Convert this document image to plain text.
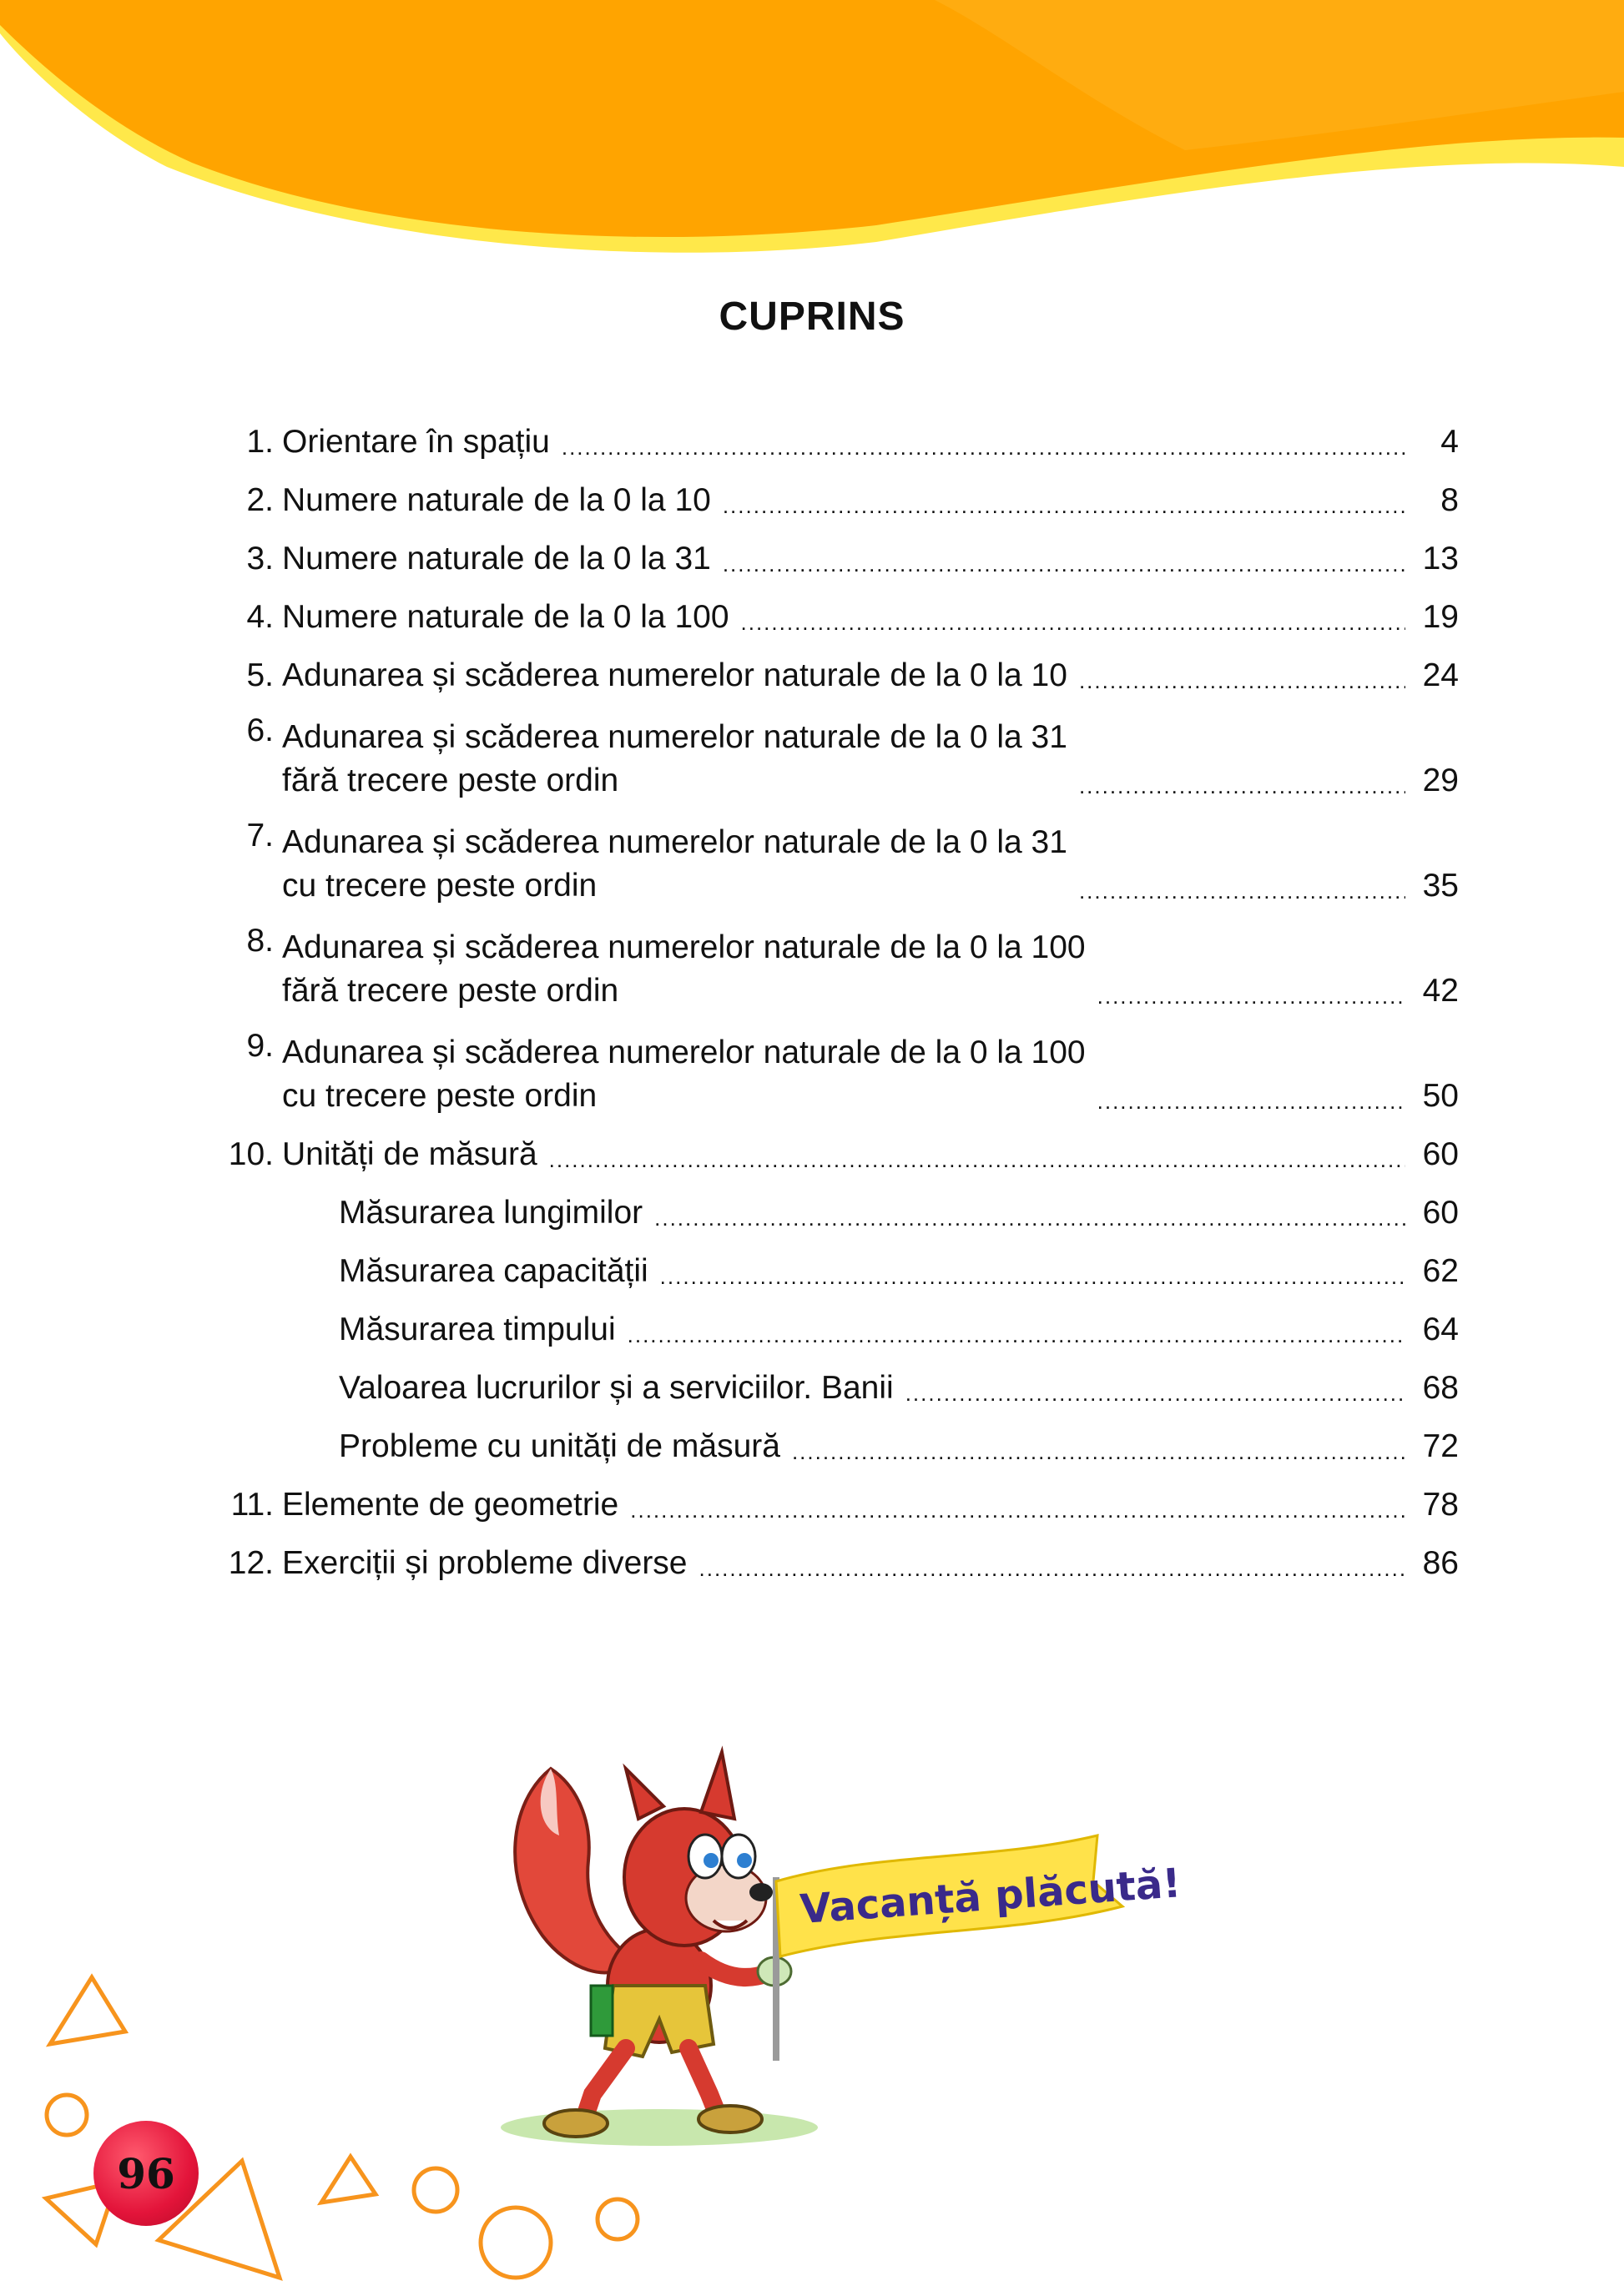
CUPRINS
1. Orientare în spațiu .....	4
2. Numere naturale de la 0 la 10 .....	8
3. Numere naturale de la 0 la 31 .....	13
4. Numere naturale de la 0 la 100 .....	19
5. Adunarea și scăderea numerelor naturale de la 0 la 10 .....	24
6. Adunarea și scăderea numerelor naturale de la 0 la 31
fără trecere peste ordin .....	29
7. Adunarea și scăderea numerelor naturale de la 0 la 31
cu trecere peste ordin .....	35
8. Adunarea și scăderea numerelor naturale de la 0 la 100
fără trecere peste ordin .....	42
9. Adunarea și scăderea numerelor naturale de la 0 la 100
cu trecere peste ordin .....	50
10. Unități de măsură .....	60
Măsurarea lungimilor .....	60
Măsurarea capacității .....	62
Măsurarea timpului .....	64
Valoarea lucrurilor și a serviciilor. Banii .....	68
Probleme cu unități de măsură .....	72
11. Elemente de geometrie .....	78
12. Exerciții și probleme diverse .....	86
Vacanță plăcută!
96
